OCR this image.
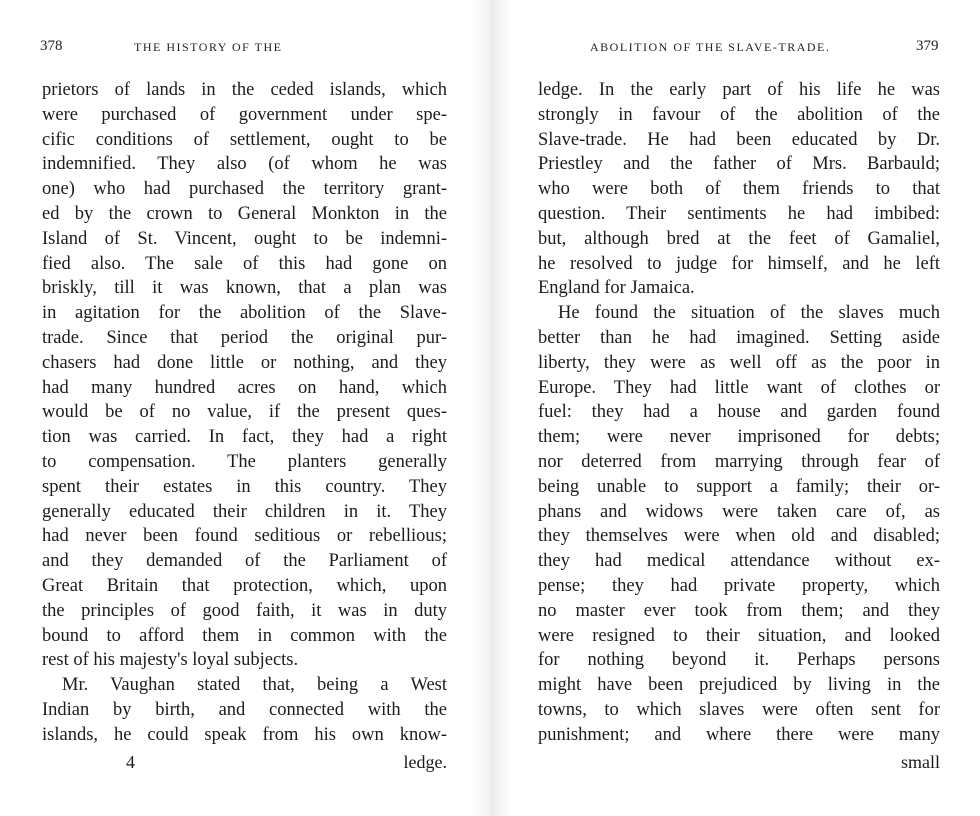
378	THE HISTORY OF THE
prietors of lands in the ceded islands, which
were purchased of government under spe-
cific conditions of settlement, ought to be
indemnified. They also (of whom he was
one) who had purchased the territory grant-
ed by the crown to General Monkton in the
Island of St. Vincent, ought to be indemni-
fied also. The sale of this had gone on
briskly, till it was known, that a plan was
in agitation for the abolition of the Slave-
trade. Since that period the original pur-
chasers had done little or nothing, and they
had many hundred acres on hand, which
would be of no value, if the present ques-
tion was carried. In fact, they had a right
to compensation. The planters generally
spent their estates in this country. They
generally educated their children in it. They
had never been found seditious or rebellious;
and they demanded of the Parliament of
Great Britain that protection, which, upon
the principles of good faith, it was in duty
bound to afford them in common with the
rest of his majesty's loyal subjects.
Mr. Vaughan stated that, being a West
Indian by birth, and connected with the
islands, he could speak from his own know-
4	ledge.
ABOLITION OF THE SLAVE-TRADE.	379
ledge. In the early part of his life he was
strongly in favour of the abolition of the
Slave-trade. He had been educated by Dr.
Priestley and the father of Mrs. Barbauld;
who were both of them friends to that
question. Their sentiments he had imbibed:
but, although bred at the feet of Gamaliel,
he resolved to judge for himself, and he left
England for Jamaica.
He found the situation of the slaves much
better than he had imagined. Setting aside
liberty, they were as well off as the poor in
Europe. They had little want of clothes or
fuel: they had a house and garden found
them; were never imprisoned for debts;
nor deterred from marrying through fear of
being unable to support a family; their or-
phans and widows were taken care of, as
they themselves were when old and disabled;
they had medical attendance without ex-
pense; they had private property, which
no master ever took from them; and they
were resigned to their situation, and looked
for nothing beyond it. Perhaps persons
might have been prejudiced by living in the
towns, to which slaves were often sent for
punishment; and where there were many
small
